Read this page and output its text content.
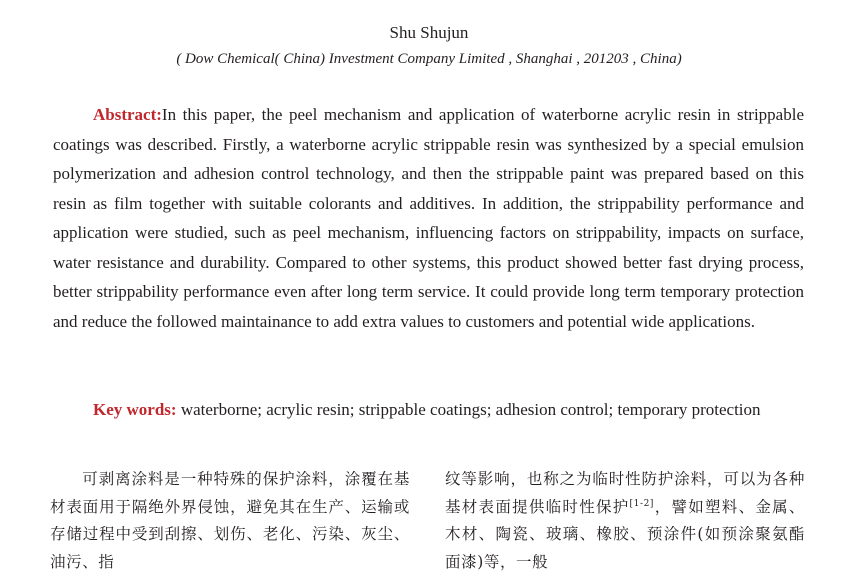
Shu Shujun
( Dow Chemical( China) Investment Company Limited , Shanghai , 201203 , China)

Abstract:In this paper, the peel mechanism and application of waterborne acrylic resin in strippable coatings was described. Firstly, a waterborne acrylic strippable resin was synthesized by a special emulsion polymerization and adhesion control technology, and then the strippable paint was prepared based on this resin as film together with suitable colorants and additives. In addition, the strippability performance and application were studied, such as peel mechanism, influencing factors on strippability, impacts on surface, water resistance and durability. Compared to other systems, this product showed better fast drying process, better strippability performance even after long term service. It could provide long term temporary protection and reduce the followed maintainance to add extra values to customers and potential wide applications.

Key words: waterborne; acrylic resin; strippable coatings; adhesion control; temporary protection

可剥离涂料是一种特殊的保护涂料，涂覆在基材表面用于隔绝外界侵蚀，避免其在生产、运输或存储过程中受到刮擦、划伤、老化、污染、灰尘、油污、指

纹等影响，也称之为临时性防护涂料，可以为各种基材表面提供临时性保护[1-2]，譬如塑料、金属、木材、陶瓷、玻璃、橡胶、预涂件(如预涂聚氨酯面漆)等，一般
